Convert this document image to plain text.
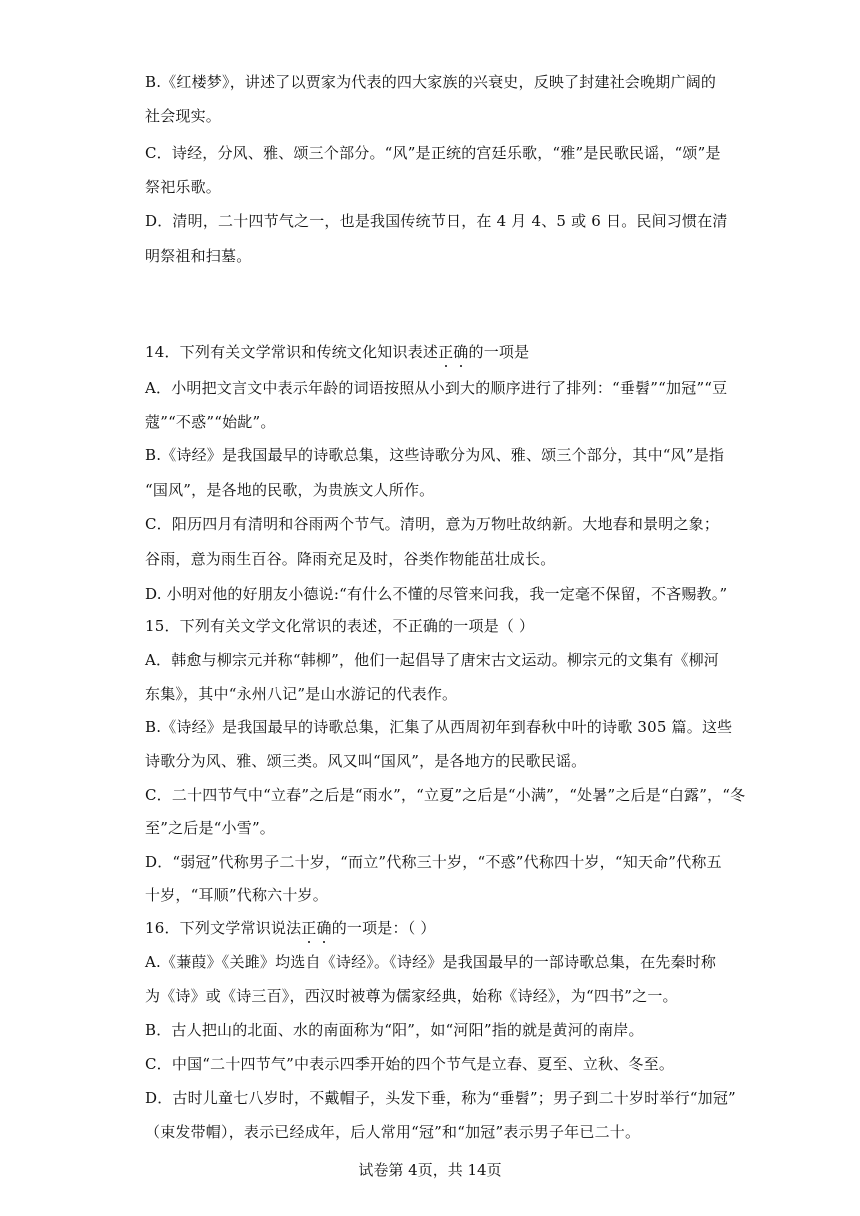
B.《红楼梦》，讲述了以贾家为代表的四大家族的兴衰史，反映了封建社会晚期广阔的
社会现实。
C．诗经，分风、雅、颂三个部分。“风”是正统的宫廷乐歌，“雅”是民歌民谣，“颂”是
祭祀乐歌。
D．清明，二十四节气之一，也是我国传统节日，在 4 月 4、5 或 6 日。民间习惯在清
明祭祖和扫墓。
14．下列有关文学常识和传统文化知识表述正确的一项是
A．小明把文言文中表示年龄的词语按照从小到大的顺序进行了排列：“垂髫”“加冠”“豆
蔻”“不惑”“始龀”。
B.《诗经》是我国最早的诗歌总集，这些诗歌分为风、雅、颂三个部分，其中“风”是指
“国风”，是各地的民歌，为贵族文人所作。
C．阳历四月有清明和谷雨两个节气。清明，意为万物吐故纳新。大地春和景明之象；
谷雨，意为雨生百谷。降雨充足及时，谷类作物能茁壮成长。
D. 小明对他的好朋友小德说:“有什么不懂的尽管来问我，我一定毫不保留，不吝赐教。”
15．下列有关文学文化常识的表述，不正确的一项是（ ）
A．韩愈与柳宗元并称“韩柳”，他们一起倡导了唐宋古文运动。柳宗元的文集有《柳河
东集》，其中“永州八记”是山水游记的代表作。
B.《诗经》是我国最早的诗歌总集，汇集了从西周初年到春秋中叶的诗歌 305 篇。这些
诗歌分为风、雅、颂三类。风又叫“国风”，是各地方的民歌民谣。
C．二十四节气中“立春”之后是“雨水”，“立夏”之后是“小满”，“处暑”之后是“白露”，“冬
至”之后是“小雪”。
D．“弱冠”代称男子二十岁，“而立”代称三十岁，“不惑”代称四十岁，“知天命”代称五
十岁，“耳顺”代称六十岁。
16．下列文学常识说法正确的一项是：（ ）
A.《蒹葭》《关雎》均选自《诗经》。《诗经》是我国最早的一部诗歌总集，在先秦时称
为《诗》或《诗三百》，西汉时被尊为儒家经典，始称《诗经》，为“四书”之一。
B．古人把山的北面、水的南面称为“阳”，如“河阳”指的就是黄河的南岸。
C．中国“二十四节气”中表示四季开始的四个节气是立春、夏至、立秋、冬至。
D．古时儿童七八岁时，不戴帽子，头发下垂，称为“垂髫”；男子到二十岁时举行“加冠”
（束发带帽），表示已经成年，后人常用“冠”和“加冠”表示男子年已二十。
试卷第 4页，共 14页
